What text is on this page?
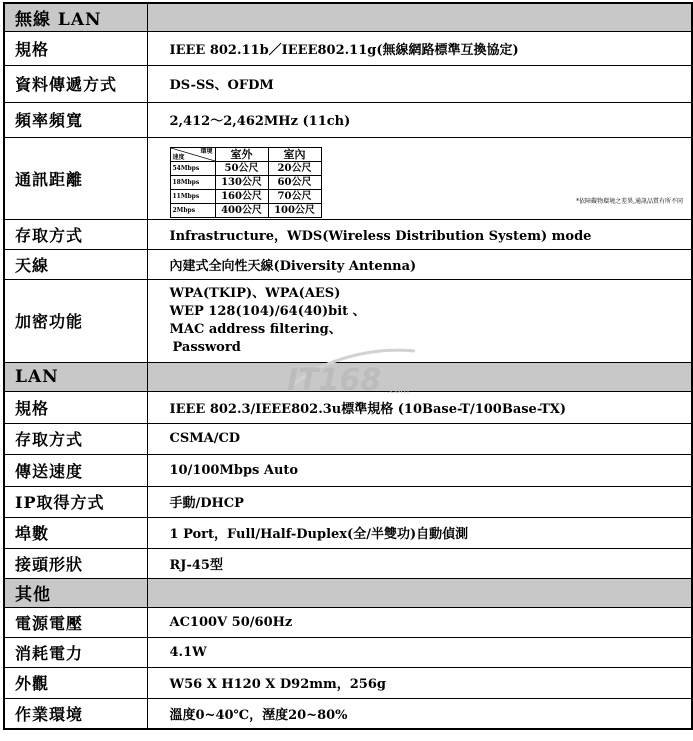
無線 LAN	
規格	IEEE 802.11b／IEEE802.11g(無線網路標準互換協定)
資料傳遞方式	DS-SS、OFDM
頻率頻寬	2,412～2,462MHz (11ch)
通訊距離	
環境
速度	室外	室內
54Mbps	50公尺	20公尺
18Mbps	130公尺	60公尺
11Mbps	160公尺	70公尺
2Mbps	400公尺	100公尺
*依障礙物環境之差異,通訊品質有所不同

存取方式	Infrastructure，WDS(Wireless Distribution System) mode
天線	內建式全向性天線(Diversity Antenna)
加密功能	
WPA(TKIP)、WPA(AES)
WEP 128(104)/64(40)bit 、
MAC address filtering、
Password

LAN	
規格	IEEE 802.3/IEEE802.3u標準規格 (10Base-T/100Base-TX)
存取方式	CSMA/CD
傳送速度	10/100Mbps Auto
IP取得方式	手動/DHCP
埠數	1 Port，Full/Half-Duplex(全/半雙功)自動偵測
接頭形狀	RJ-45型
其他	
電源電壓	AC100V 50/60Hz
消耗電力	4.1W
外觀	W56 X H120 X D92mm，256g
作業環境	溫度0~40℃，溼度20~80%
IT168 .com
